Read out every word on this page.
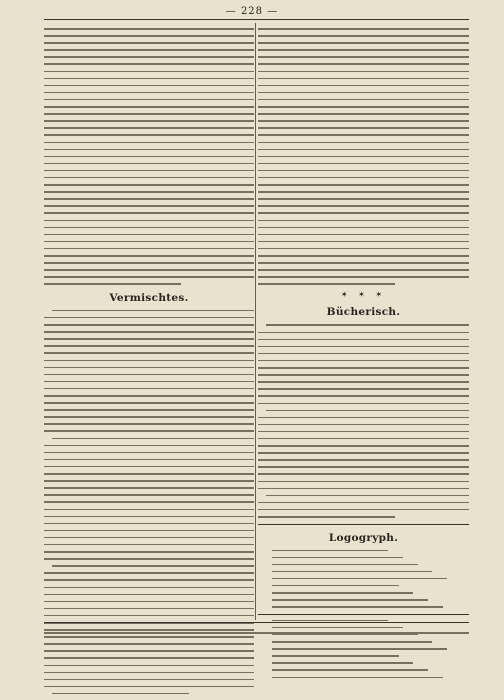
— 228 —
Vermischtes.	✶ ✶ ✶
Bücherisch.
Logogryph.
